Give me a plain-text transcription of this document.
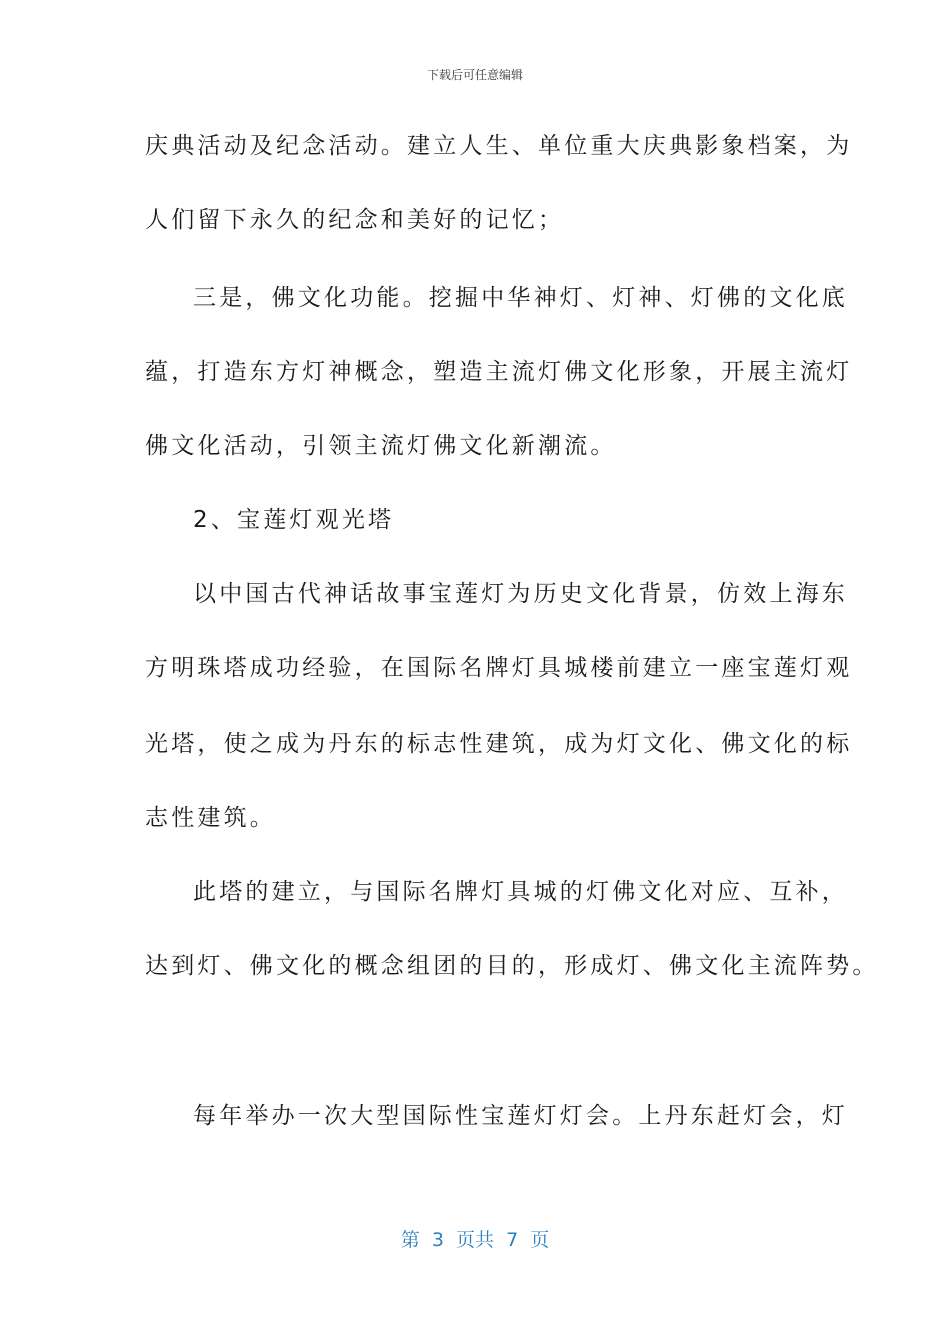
下载后可任意编辑
庆典活动及纪念活动。建立人生、单位重大庆典影象档案，为
人们留下永久的纪念和美好的记忆；
三是，佛文化功能。挖掘中华神灯、灯神、灯佛的文化底
蕴，打造东方灯神概念，塑造主流灯佛文化形象，开展主流灯
佛文化活动，引领主流灯佛文化新潮流。
2、宝莲灯观光塔
以中国古代神话故事宝莲灯为历史文化背景，仿效上海东
方明珠塔成功经验，在国际名牌灯具城楼前建立一座宝莲灯观
光塔，使之成为丹东的标志性建筑，成为灯文化、佛文化的标
志性建筑。
此塔的建立，与国际名牌灯具城的灯佛文化对应、互补，
达到灯、佛文化的概念组团的目的，形成灯、佛文化主流阵势。
每年举办一次大型国际性宝莲灯灯会。上丹东赶灯会，灯
第  3  页共  7  页
